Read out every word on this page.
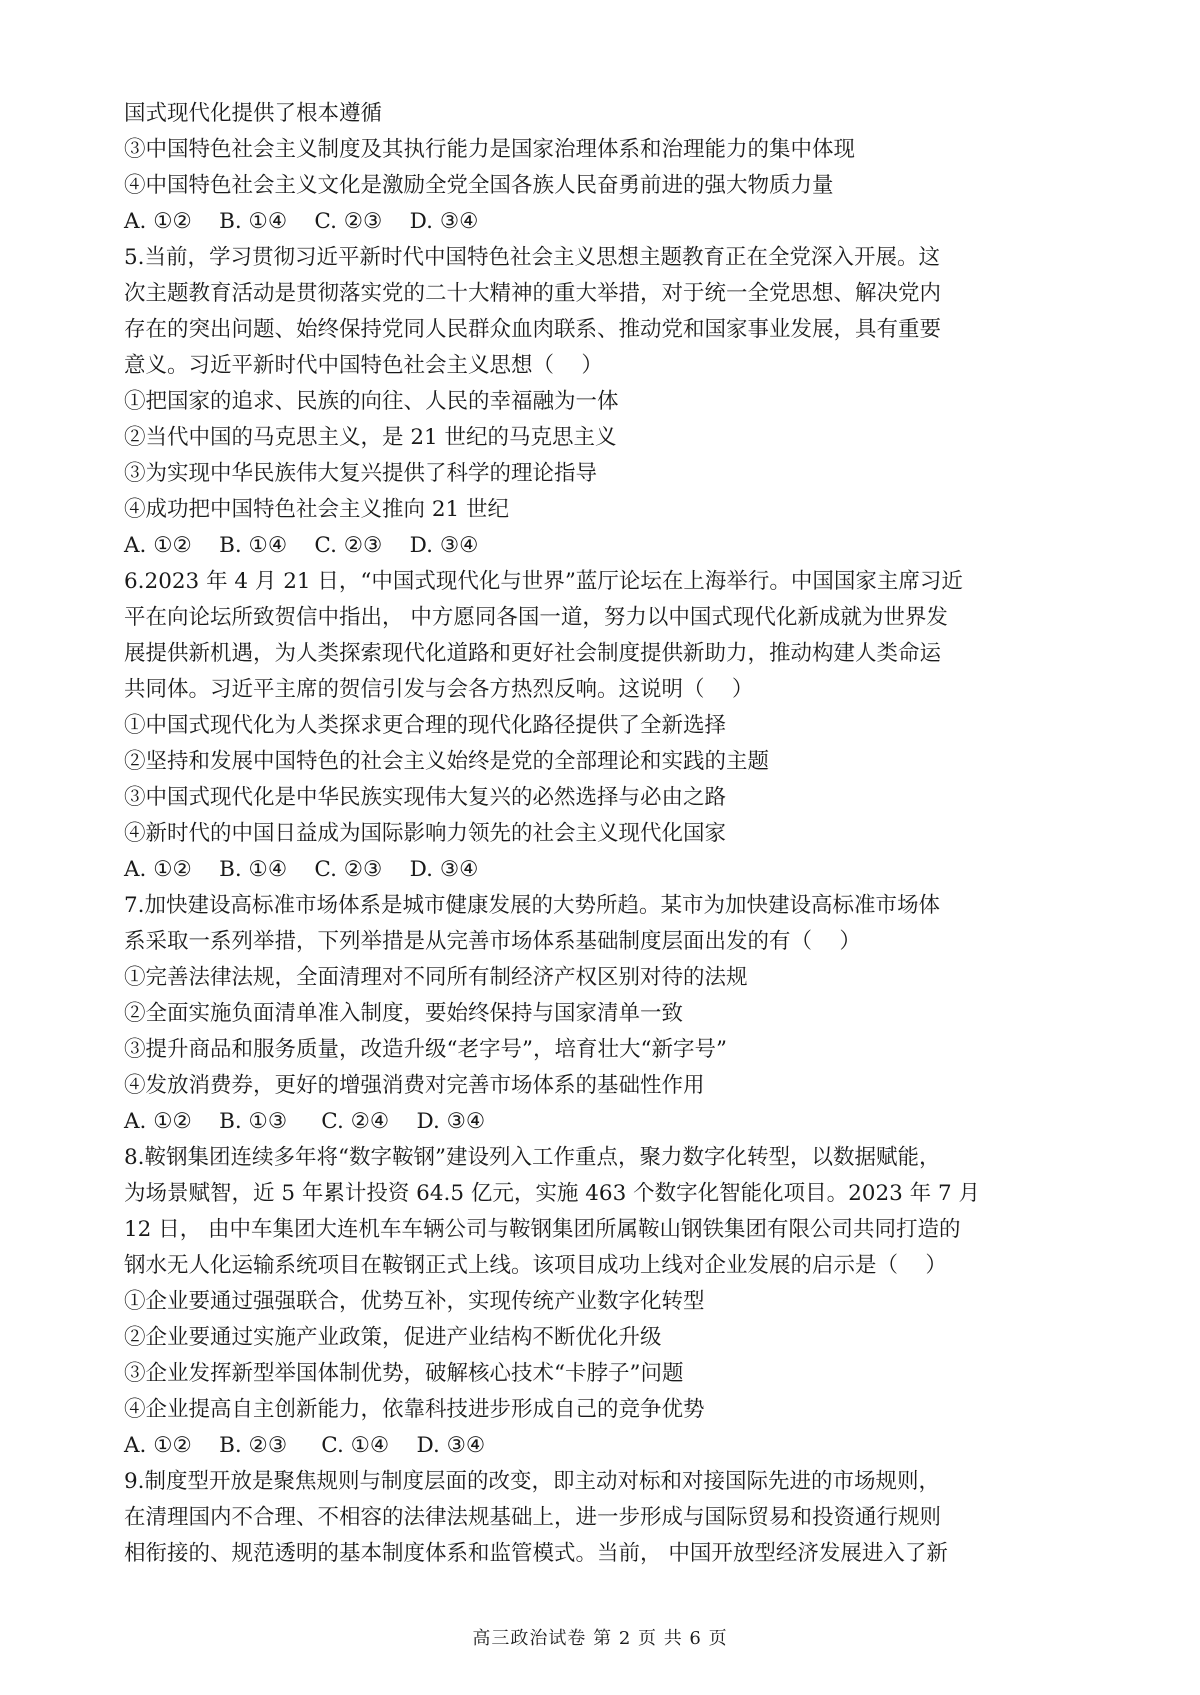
国式现代化提供了根本遵循
③中国特色社会主义制度及其执行能力是国家治理体系和治理能力的集中体现
④中国特色社会主义文化是激励全党全国各族人民奋勇前进的强大物质力量
A. ①②    B. ①④    C. ②③    D. ③④
5.当前，学习贯彻习近平新时代中国特色社会主义思想主题教育正在全党深入开展。这
次主题教育活动是贯彻落实党的二十大精神的重大举措，对于统一全党思想、解决党内
存在的突出问题、始终保持党同人民群众血肉联系、推动党和国家事业发展，具有重要
意义。习近平新时代中国特色社会主义思想（    ）
①把国家的追求、民族的向往、人民的幸福融为一体
②当代中国的马克思主义，是 21 世纪的马克思主义
③为实现中华民族伟大复兴提供了科学的理论指导
④成功把中国特色社会主义推向 21 世纪
A. ①②    B. ①④    C. ②③    D. ③④
6.2023 年 4 月 21 日，“中国式现代化与世界”蓝厅论坛在上海举行。中国国家主席习近
平在向论坛所致贺信中指出， 中方愿同各国一道，努力以中国式现代化新成就为世界发
展提供新机遇，为人类探索现代化道路和更好社会制度提供新助力，推动构建人类命运
共同体。习近平主席的贺信引发与会各方热烈反响。这说明（    ）
①中国式现代化为人类探求更合理的现代化路径提供了全新选择
②坚持和发展中国特色的社会主义始终是党的全部理论和实践的主题
③中国式现代化是中华民族实现伟大复兴的必然选择与必由之路
④新时代的中国日益成为国际影响力领先的社会主义现代化国家
A. ①②    B. ①④    C. ②③    D. ③④
7.加快建设高标准市场体系是城市健康发展的大势所趋。某市为加快建设高标准市场体
系采取一系列举措，下列举措是从完善市场体系基础制度层面出发的有（    ）
①完善法律法规，全面清理对不同所有制经济产权区别对待的法规
②全面实施负面清单准入制度，要始终保持与国家清单一致
③提升商品和服务质量，改造升级“老字号”，培育壮大“新字号”
④发放消费券，更好的增强消费对完善市场体系的基础性作用
A. ①②    B. ①③     C. ②④    D. ③④
8.鞍钢集团连续多年将“数字鞍钢”建设列入工作重点，聚力数字化转型，以数据赋能，
为场景赋智，近 5 年累计投资 64.5 亿元，实施 463 个数字化智能化项目。2023 年 7 月
12 日， 由中车集团大连机车车辆公司与鞍钢集团所属鞍山钢铁集团有限公司共同打造的
钢水无人化运输系统项目在鞍钢正式上线。该项目成功上线对企业发展的启示是（    ）
①企业要通过强强联合，优势互补，实现传统产业数字化转型
②企业要通过实施产业政策，促进产业结构不断优化升级
③企业发挥新型举国体制优势，破解核心技术“卡脖子”问题
④企业提高自主创新能力，依靠科技进步形成自己的竞争优势
A. ①②    B. ②③     C. ①④    D. ③④
9.制度型开放是聚焦规则与制度层面的改变，即主动对标和对接国际先进的市场规则，
在清理国内不合理、不相容的法律法规基础上，进一步形成与国际贸易和投资通行规则
相衔接的、规范透明的基本制度体系和监管模式。当前， 中国开放型经济发展进入了新
高三政治试卷 第 2 页 共 6 页
